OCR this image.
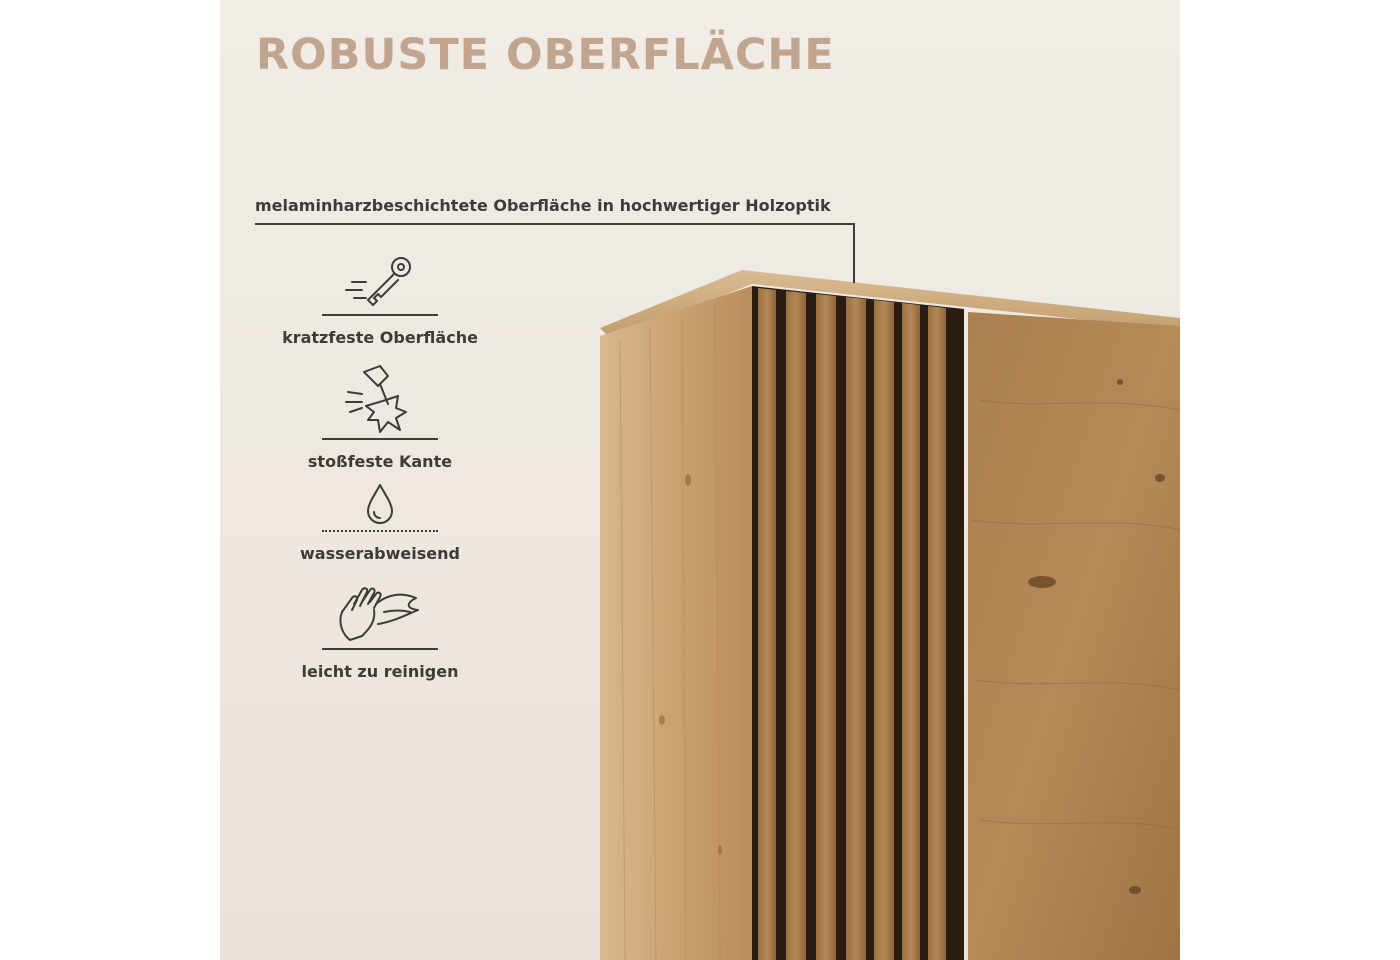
ROBUSTE OBERFLÄCHE
melaminharzbeschichtete Oberfläche in hochwertiger Holzoptik
kratzfeste Oberfläche
stoßfeste Kante
wasserabweisend
leicht zu reinigen
